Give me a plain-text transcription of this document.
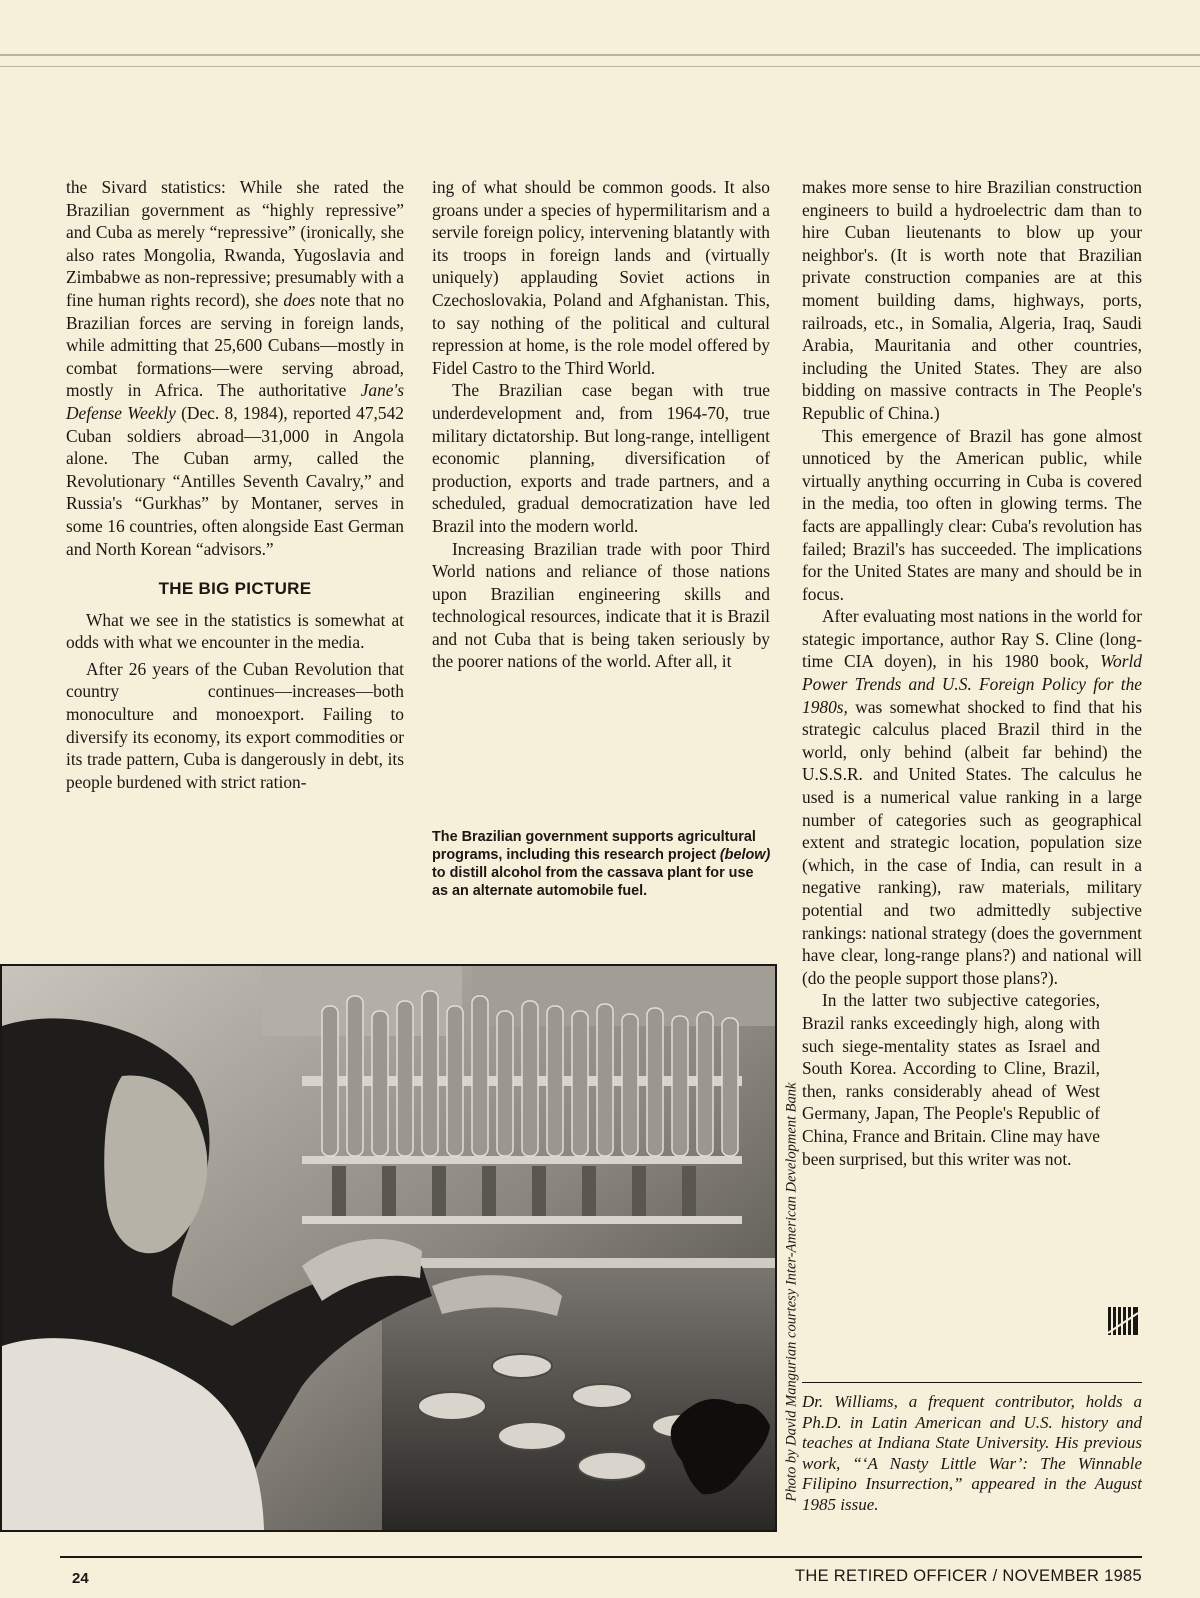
the Sivard statistics: While she rated the Brazilian government as “highly repressive” and Cuba as merely “repressive” (ironically, she also rates Mongolia, Rwanda, Yugoslavia and Zimbabwe as non-repressive; presumably with a fine human rights record), she does note that no Brazilian forces are serving in foreign lands, while admitting that 25,600 Cubans—mostly in combat formations—were serving abroad, mostly in Africa. The authoritative Jane's Defense Weekly (Dec. 8, 1984), reported 47,542 Cuban soldiers abroad—31,000 in Angola alone. The Cuban army, called the Revolutionary “Antilles Seventh Cavalry,” and Russia's “Gurkhas” by Montaner, serves in some 16 countries, often alongside East German and North Korean “advisors.”

THE BIG PICTURE

What we see in the statistics is somewhat at odds with what we encounter in the media.

After 26 years of the Cuban Revolution that country continues—increases—both monoculture and monoexport. Failing to diversify its economy, its export commodities or its trade pattern, Cuba is dangerously in debt, its people burdened with strict ration-

ing of what should be common goods. It also groans under a species of hypermilitarism and a servile foreign policy, intervening blatantly with its troops in foreign lands and (virtually uniquely) applauding Soviet actions in Czechoslovakia, Poland and Afghanistan. This, to say nothing of the political and cultural repression at home, is the role model offered by Fidel Castro to the Third World.

The Brazilian case began with true underdevelopment and, from 1964-70, true military dictatorship. But long-range, intelligent economic planning, diversification of production, exports and trade partners, and a scheduled, gradual democratization have led Brazil into the modern world.

Increasing Brazilian trade with poor Third World nations and reliance of those nations upon Brazilian engineering skills and technological resources, indicate that it is Brazil and not Cuba that is being taken seriously by the poorer nations of the world. After all, it

The Brazilian government supports agricultural programs, including this research project (below) to distill alcohol from the cassava plant for use as an alternate automobile fuel.

makes more sense to hire Brazilian construction engineers to build a hydroelectric dam than to hire Cuban lieutenants to blow up your neighbor's. (It is worth note that Brazilian private construction companies are at this moment building dams, highways, ports, railroads, etc., in Somalia, Algeria, Iraq, Saudi Arabia, Mauritania and other countries, including the United States. They are also bidding on massive contracts in The People's Republic of China.)

This emergence of Brazil has gone almost unnoticed by the American public, while virtually anything occurring in Cuba is covered in the media, too often in glowing terms. The facts are appallingly clear: Cuba's revolution has failed; Brazil's has succeeded. The implications for the United States are many and should be in focus.

After evaluating most nations in the world for stategic importance, author Ray S. Cline (long-time CIA doyen), in his 1980 book, World Power Trends and U.S. Foreign Policy for the 1980s, was somewhat shocked to find that his strategic calculus placed Brazil third in the world, only behind (albeit far behind) the U.S.S.R. and United States. The calculus he used is a numerical value ranking in a large number of categories such as geographical extent and strategic location, population size (which, in the case of India, can result in a negative ranking), raw materials, military potential and two admittedly subjective rankings: national strategy (does the government have clear, long-range plans?) and national will (do the people support those plans?).

In the latter two subjective categories, Brazil ranks exceedingly high, along with such siege-mentality states as Israel and South Korea. According to Cline, Brazil, then, ranks considerably ahead of West Germany, Japan, The People's Republic of China, France and Britain. Cline may have been surprised, but this writer was not.

Photo by David Mangurian courtesy Inter-American Development Bank Dr. Williams, a frequent contributor, holds a Ph.D. in Latin American and U.S. history and teaches at Indiana State University. His previous work, “‘A Nasty Little War’: The Winnable Filipino Insurrection,” appeared in the August 1985 issue.
24	THE RETIRED OFFICER / NOVEMBER 1985
